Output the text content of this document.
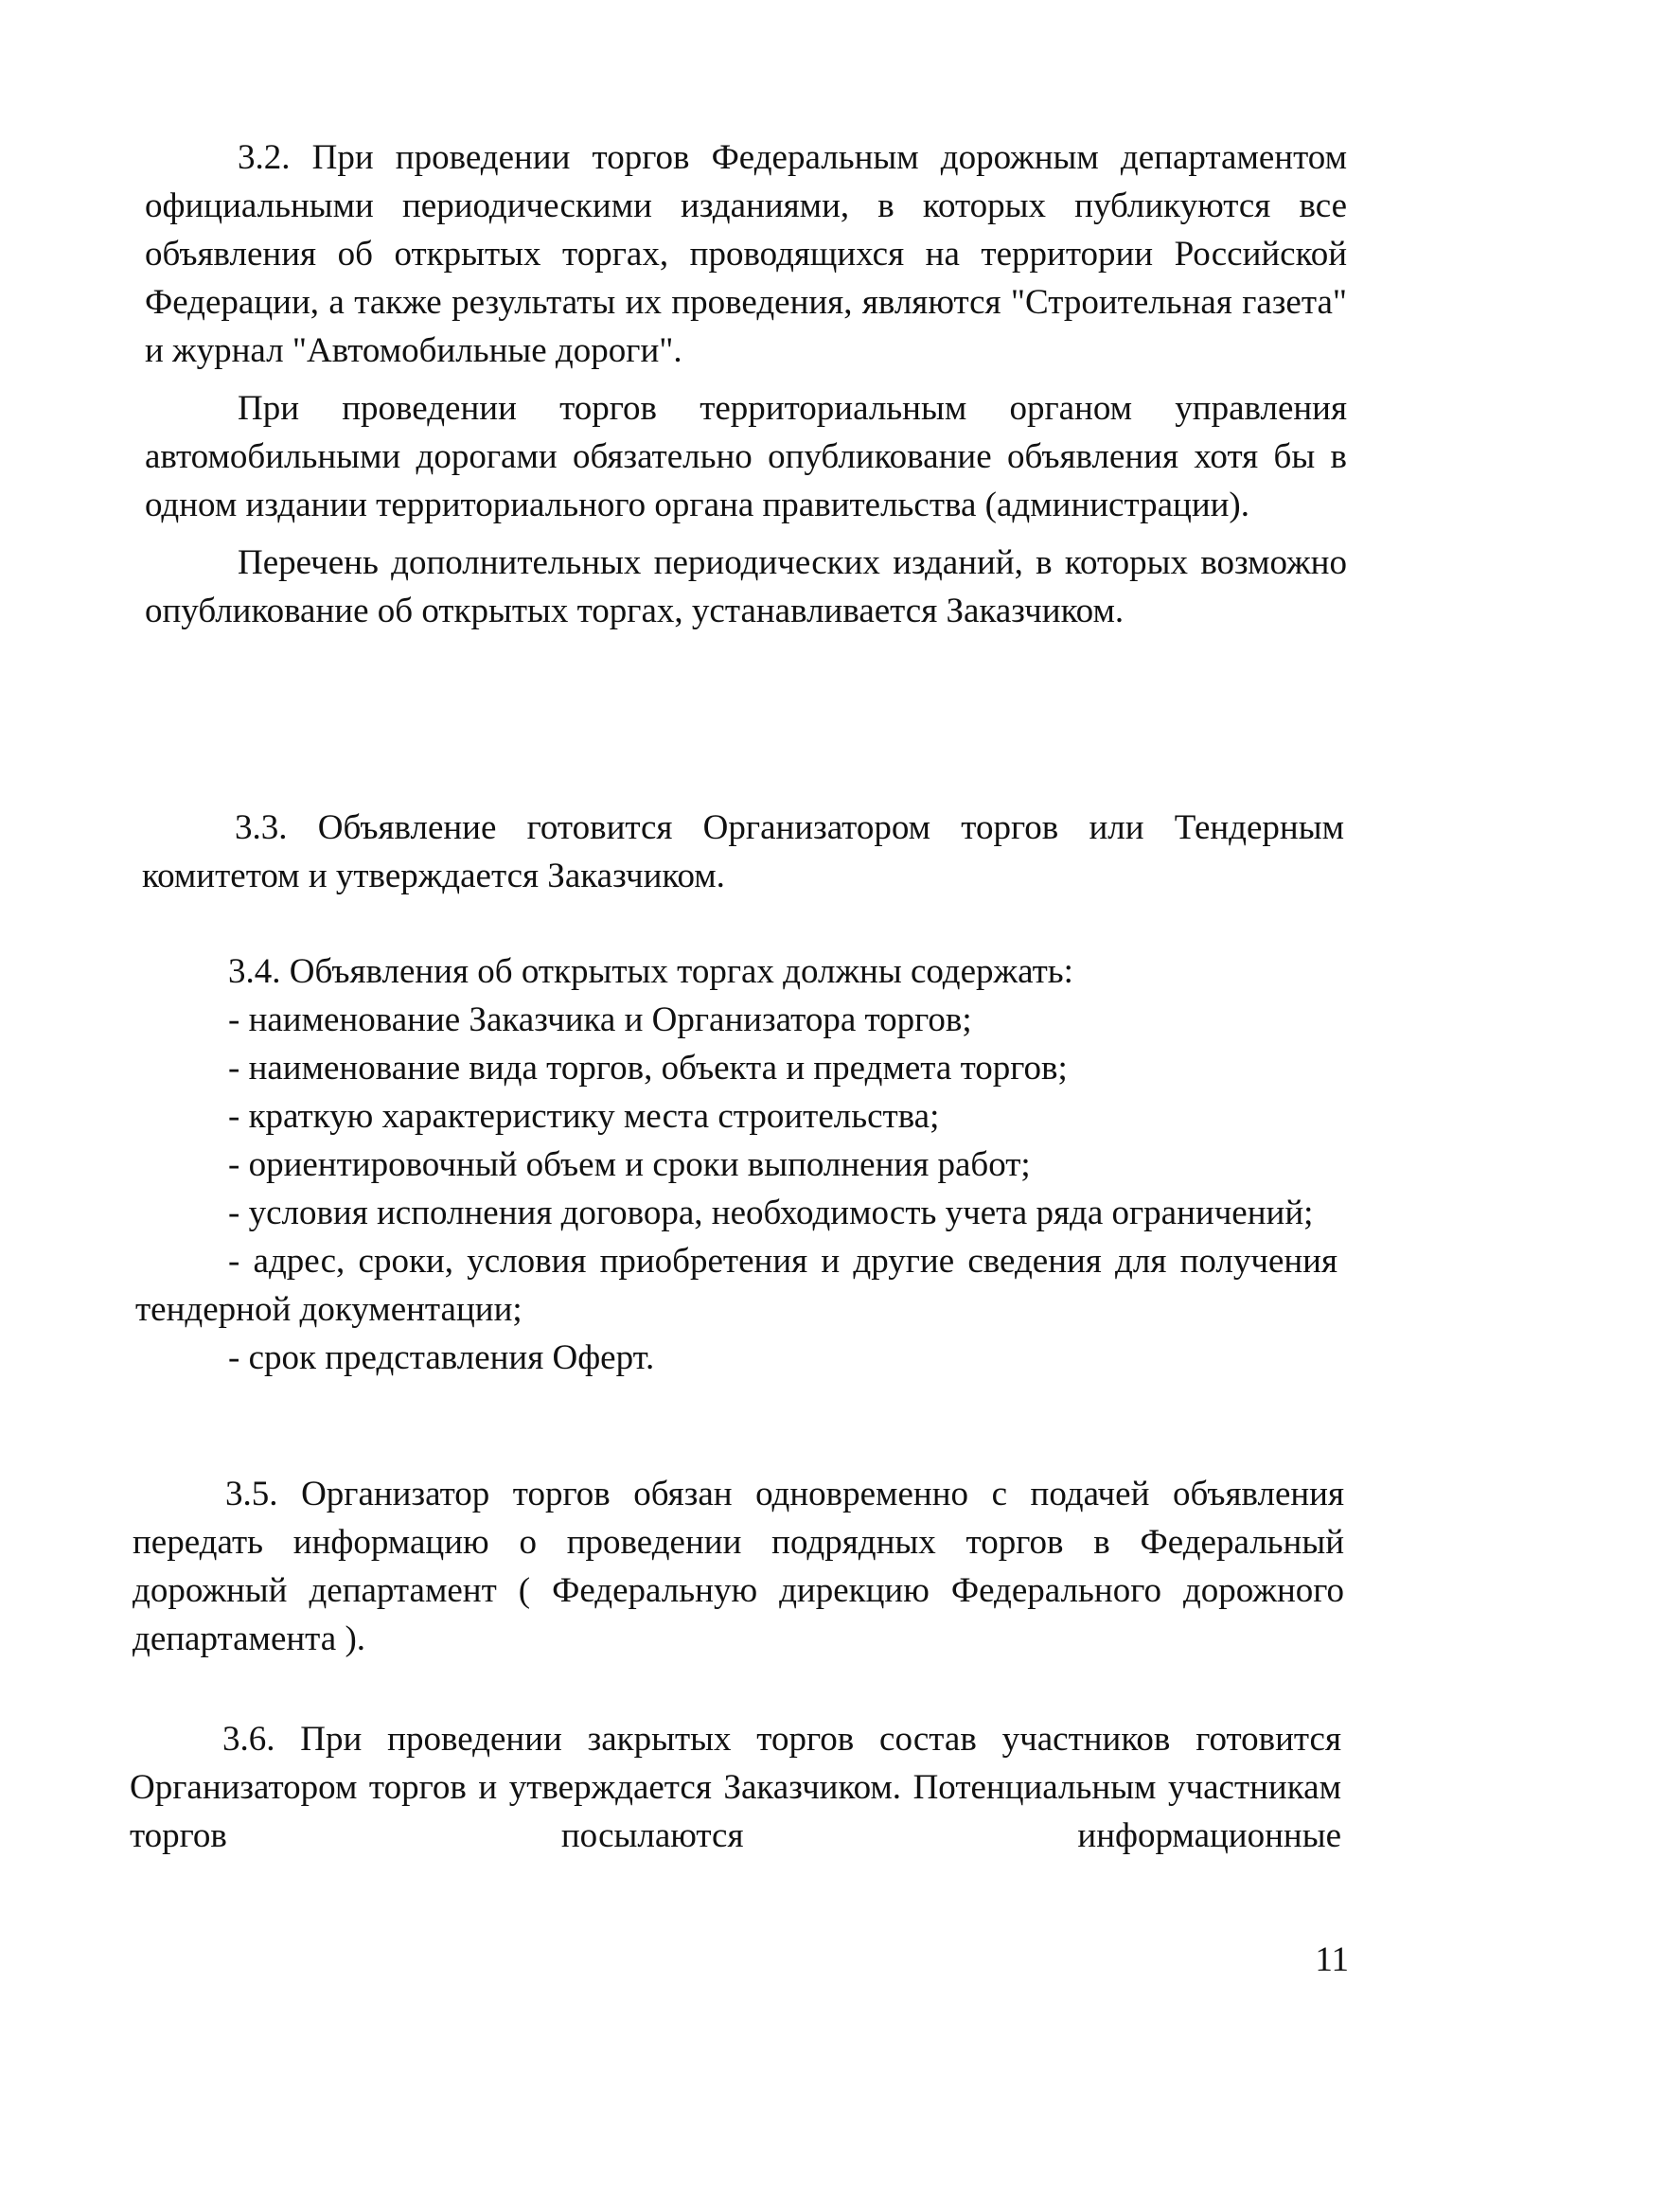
3.2. При проведении торгов Федеральным дорожным департаментом официальными периодическими изданиями, в которых публикуются все объявления об открытых торгах, проводящихся на территории Российской Федерации, а также результаты их проведения, являются "Строительная газета" и журнал "Автомобильные дороги".

При проведении торгов территориальным органом управления автомобильными дорогами обязательно опубликование объявления хотя бы в одном издании территориального органа правительства (администрации).

Перечень дополнительных периодических изданий, в которых возможно опубликование об открытых торгах, устанавливается Заказчиком.

3.3. Объявление готовится Организатором торгов или Тендерным комитетом и утверждается Заказчиком.

3.4. Объявления об открытых торгах должны содержать:

- наименование Заказчика и Организатора торгов;

- наименование вида торгов, объекта и предмета торгов;

- краткую характеристику места строительства;

- ориентировочный объем и сроки выполнения работ;

- условия исполнения договора, необходимость учета ряда ограничений;

- адрес, сроки, условия приобретения и другие сведения для получения тендерной документации;

- срок представления Оферт.

3.5. Организатор торгов обязан одновременно с подачей объявления передать информацию о проведении подрядных торгов в Федеральный дорожный департамент ( Федеральную дирекцию Федерального дорожного департамента ).

3.6. При проведении закрытых торгов состав участников готовится Организатором торгов и утверждается Заказчиком. Потенциальным участникам торгов посылаются информационные

11
